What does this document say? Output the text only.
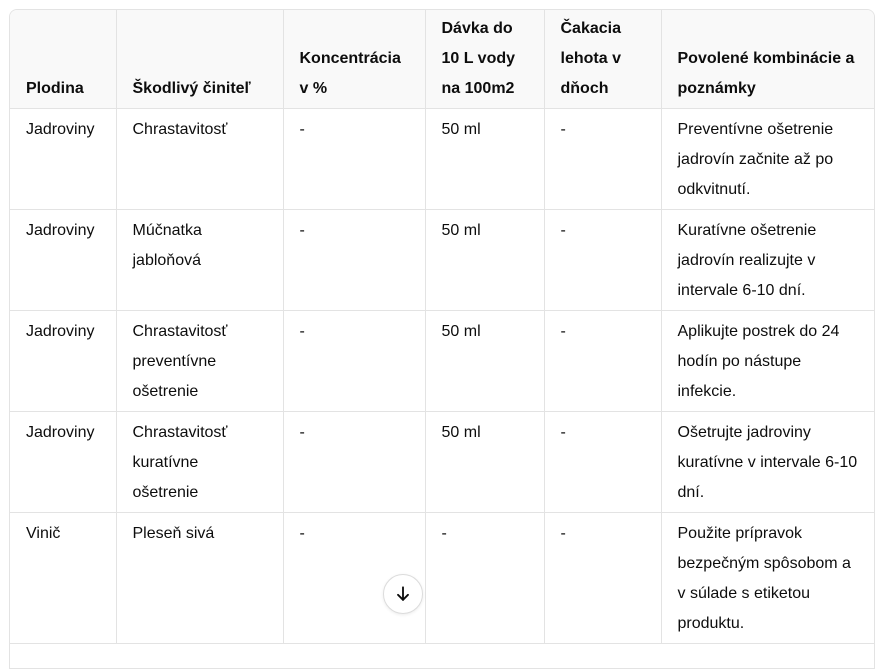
Plodina	Škodlivý činiteľ	Koncentrácia v %	Dávka do 10 L vody na 100m2	Čakacia lehota v dňoch	Povolené kombinácie a poznámky
Jadroviny	Chrastavitosť	-	50 ml	-	Preventívne ošetrenie jadrovín začnite až po odkvitnutí.
Jadroviny	Múčnatka jabloňová	-	50 ml	-	Kuratívne ošetrenie jadrovín realizujte v intervale 6-10 dní.
Jadroviny	Chrastavitosť preventívne ošetrenie	-	50 ml	-	Aplikujte postrek do 24 hodín po nástupe infekcie.
Jadroviny	Chrastavitosť kuratívne ošetrenie	-	50 ml	-	Ošetrujte jadroviny kuratívne v intervale 6-10 dní.
Vinič	Pleseň sivá	-	-	-	Použite prípravok bezpečným spôsobom a v súlade s etiketou produktu.
